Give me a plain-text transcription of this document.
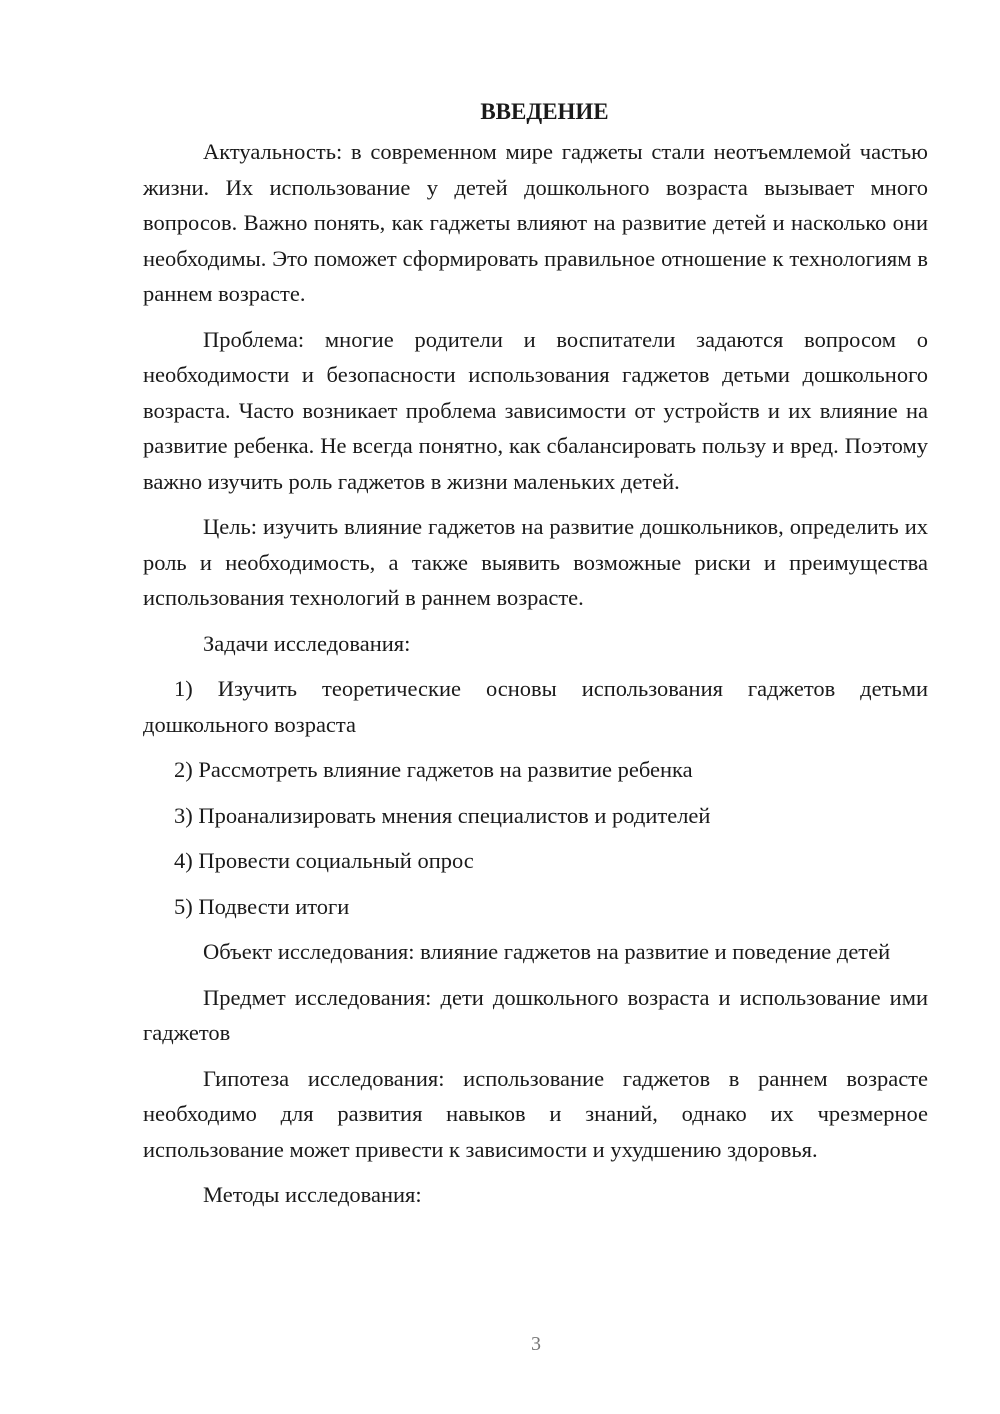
ВВЕДЕНИЕ

Актуальность: в современном мире гаджеты стали неотъемлемой частью жизни. Их использование у детей дошкольного возраста вызывает много вопросов. Важно понять, как гаджеты влияют на развитие детей и насколько они необходимы. Это поможет сформировать правильное отношение к технологиям в раннем возрасте.

Проблема: многие родители и воспитатели задаются вопросом о необходимости и безопасности использования гаджетов детьми дошкольного возраста. Часто возникает проблема зависимости от устройств и их влияние на развитие ребенка. Не всегда понятно, как сбалансировать пользу и вред. Поэтому важно изучить роль гаджетов в жизни маленьких детей.

Цель: изучить влияние гаджетов на развитие дошкольников, определить их роль и необходимость, а также выявить возможные риски и преимущества использования технологий в раннем возрасте.

Задачи исследования:

1) Изучить теоретические основы использования гаджетов детьми дошкольного возраста

2) Рассмотреть влияние гаджетов на развитие ребенка

3) Проанализировать мнения специалистов и родителей

4) Провести социальный опрос

5) Подвести итоги

Объект исследования: влияние гаджетов на развитие и поведение детей

Предмет исследования: дети дошкольного возраста и использование ими гаджетов

Гипотеза исследования: использование гаджетов в раннем возрасте необходимо для развития навыков и знаний, однако их чрезмерное использование может привести к зависимости и ухудшению здоровья.

Методы исследования:

3
